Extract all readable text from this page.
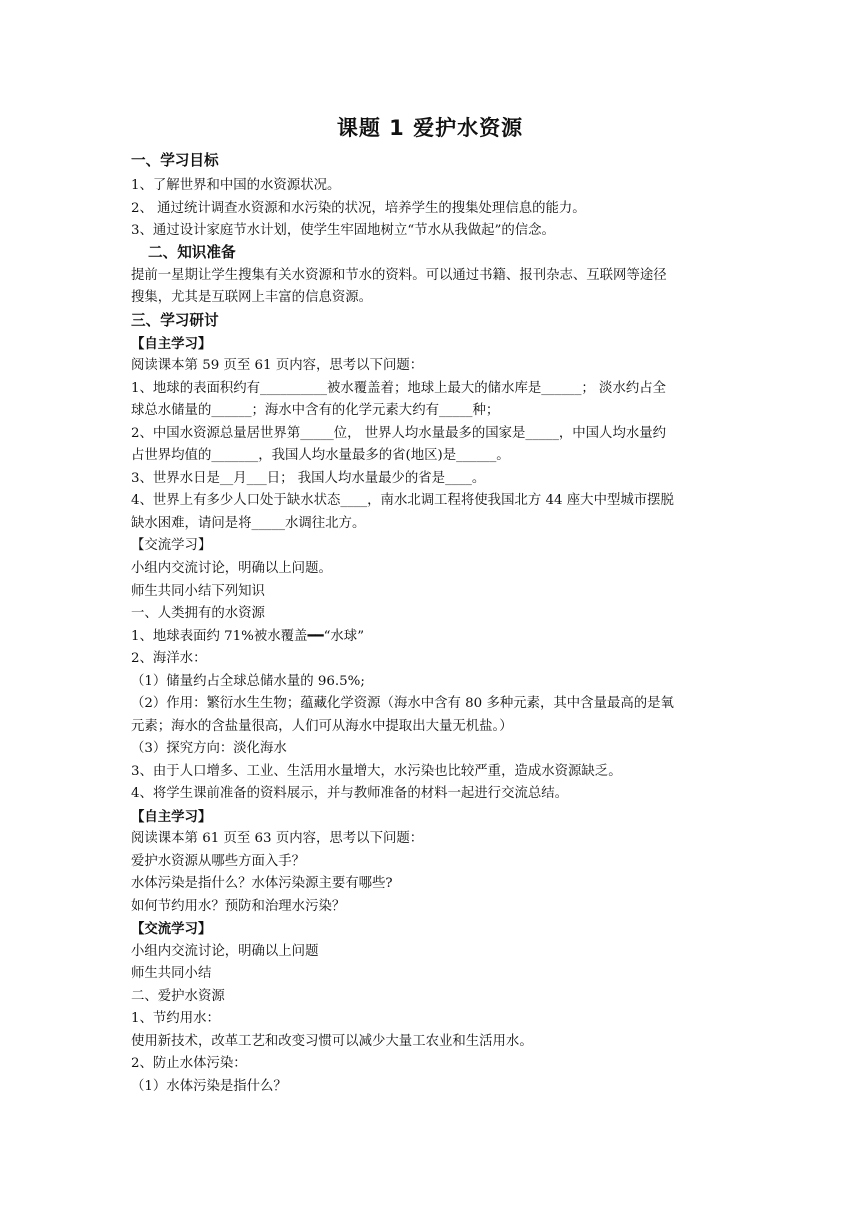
课题 1 爱护水资源
一、学习目标
1、了解世界和中国的水资源状况。
2、 通过统计调查水资源和水污染的状况，培养学生的搜集处理信息的能力。
3、通过设计家庭节水计划，使学生牢固地树立“节水从我做起”的信念。
二、知识准备
提前一星期让学生搜集有关水资源和节水的资料。可以通过书籍、报刊杂志、互联网等途径
搜集，尤其是互联网上丰富的信息资源。
三、学习研讨
【自主学习】
阅读课本第 59 页至 61 页内容，思考以下问题：
1、地球的表面积约有__________被水覆盖着；地球上最大的储水库是______； 淡水约占全
球总水储量的______；海水中含有的化学元素大约有_____种；
2、中国水资源总量居世界第_____位， 世界人均水量最多的国家是_____，中国人均水量约
占世界均值的_______，我国人均水量最多的省(地区)是______。
3、世界水日是__月___日； 我国人均水量最少的省是____。
4、世界上有多少人口处于缺水状态____，南水北调工程将使我国北方 44 座大中型城市摆脱
缺水困难，请问是将_____水调往北方。
【交流学习】
小组内交流讨论，明确以上问题。
师生共同小结下列知识
一、人类拥有的水资源
1、地球表面约 71%被水覆盖━━“水球”
2、海洋水：
（1）储量约占全球总储水量的 96.5%;
（2）作用：繁衍水生生物；蕴藏化学资源（海水中含有 80 多种元素，其中含量最高的是氧
元素；海水的含盐量很高，人们可从海水中提取出大量无机盐。）
（3）探究方向：淡化海水
3、由于人口增多、工业、生活用水量增大，水污染也比较严重，造成水资源缺乏。
4、将学生课前准备的资料展示，并与教师准备的材料一起进行交流总结。
【自主学习】
阅读课本第 61 页至 63 页内容，思考以下问题：
爱护水资源从哪些方面入手？
水体污染是指什么？水体污染源主要有哪些?
如何节约用水？预防和治理水污染？
【交流学习】
小组内交流讨论，明确以上问题
师生共同小结
二、爱护水资源
1、节约用水：
使用新技术，改革工艺和改变习惯可以减少大量工农业和生活用水。
2、防止水体污染：
（1）水体污染是指什么？
